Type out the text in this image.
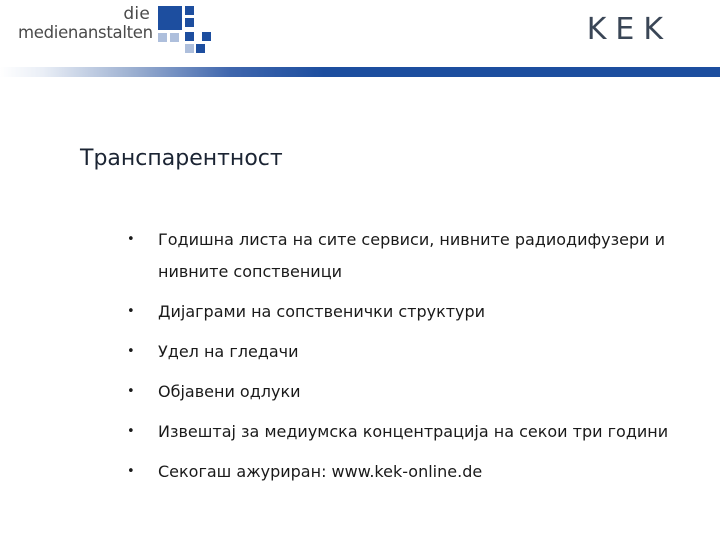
die
medienanstalten	KEK
Транспарентност
• Годишна листа на сите сервиси, нивните радиодифузери и нивните сопственици
• Дијаграми на сопственички структури
• Удел на гледачи
• Објавени одлуки
• Извештај за медиумска концентрација на секои три години
• Секогаш ажуриран: www.kek-online.de
